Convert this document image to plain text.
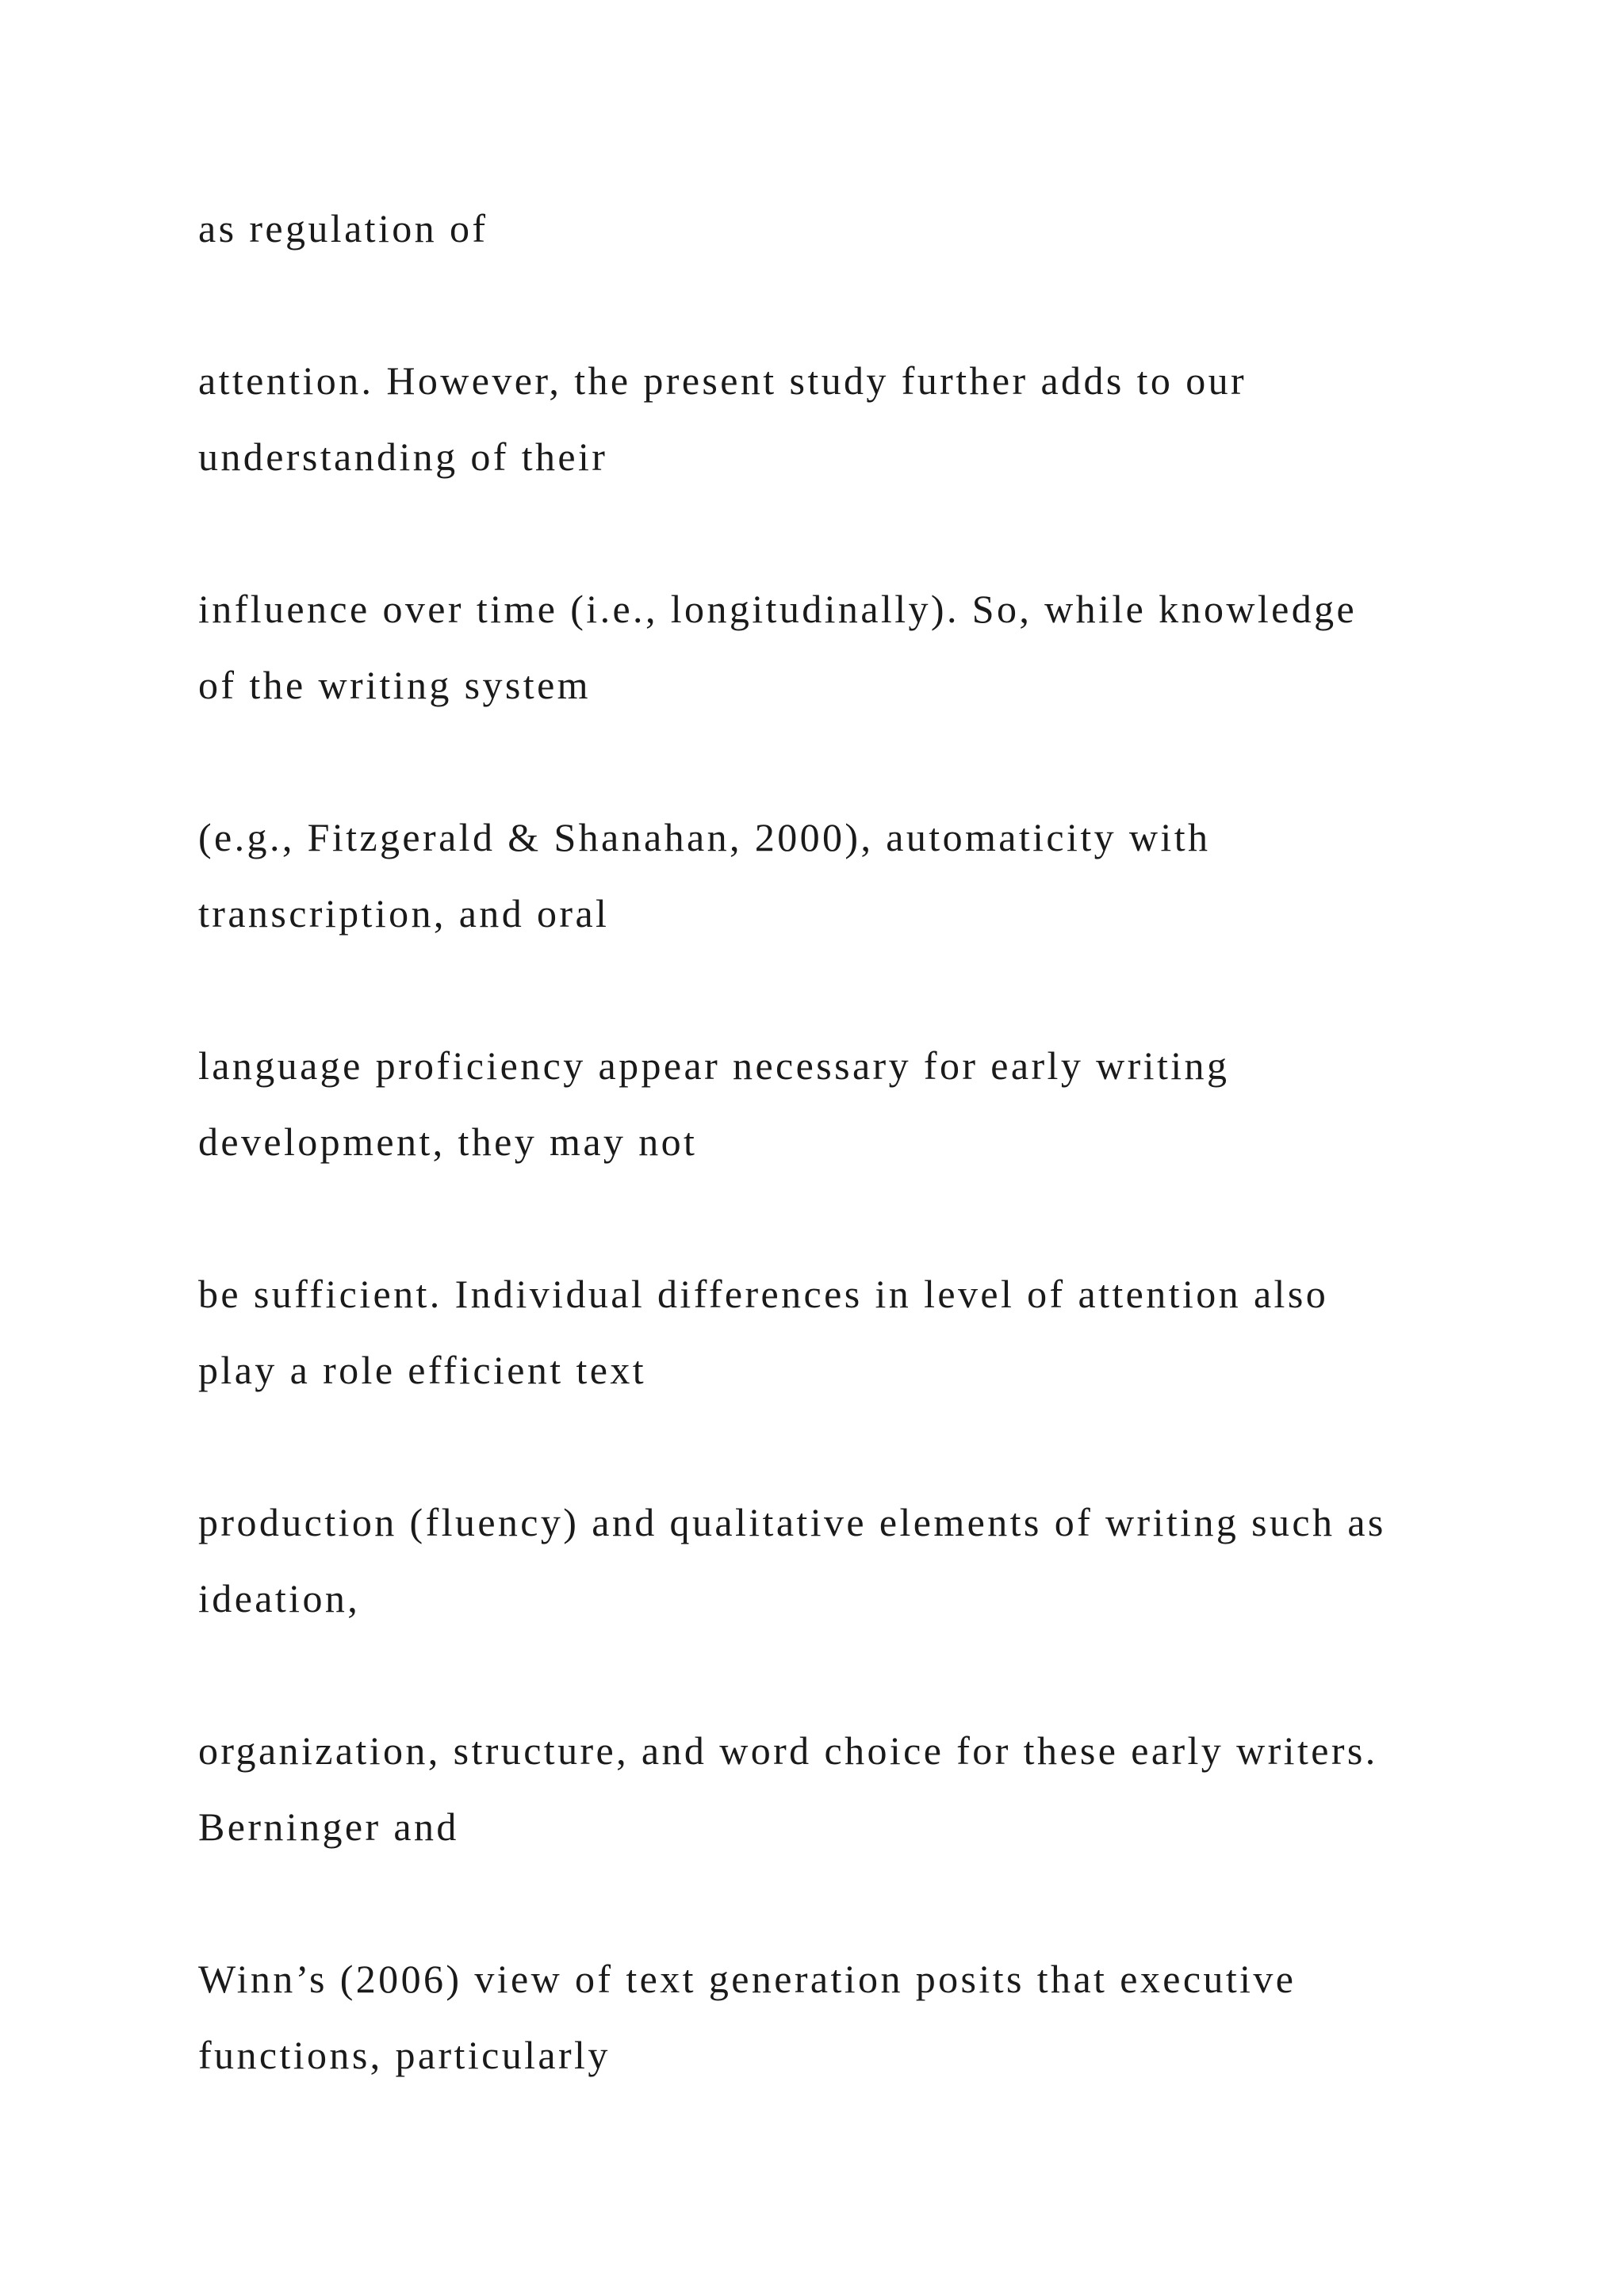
as regulation of

attention. However, the present study further adds to our
understanding of their

influence over time (i.e., longitudinally). So, while knowledge
of the writing system

(e.g., Fitzgerald & Shanahan, 2000), automaticity with
transcription, and oral

language proficiency appear necessary for early writing
development, they may not

be sufficient. Individual differences in level of attention also
play a role efficient text

production (fluency) and qualitative elements of writing such as
ideation,

organization, structure, and word choice for these early writers.
Berninger and

Winn’s (2006) view of text generation posits that executive
functions, particularly
